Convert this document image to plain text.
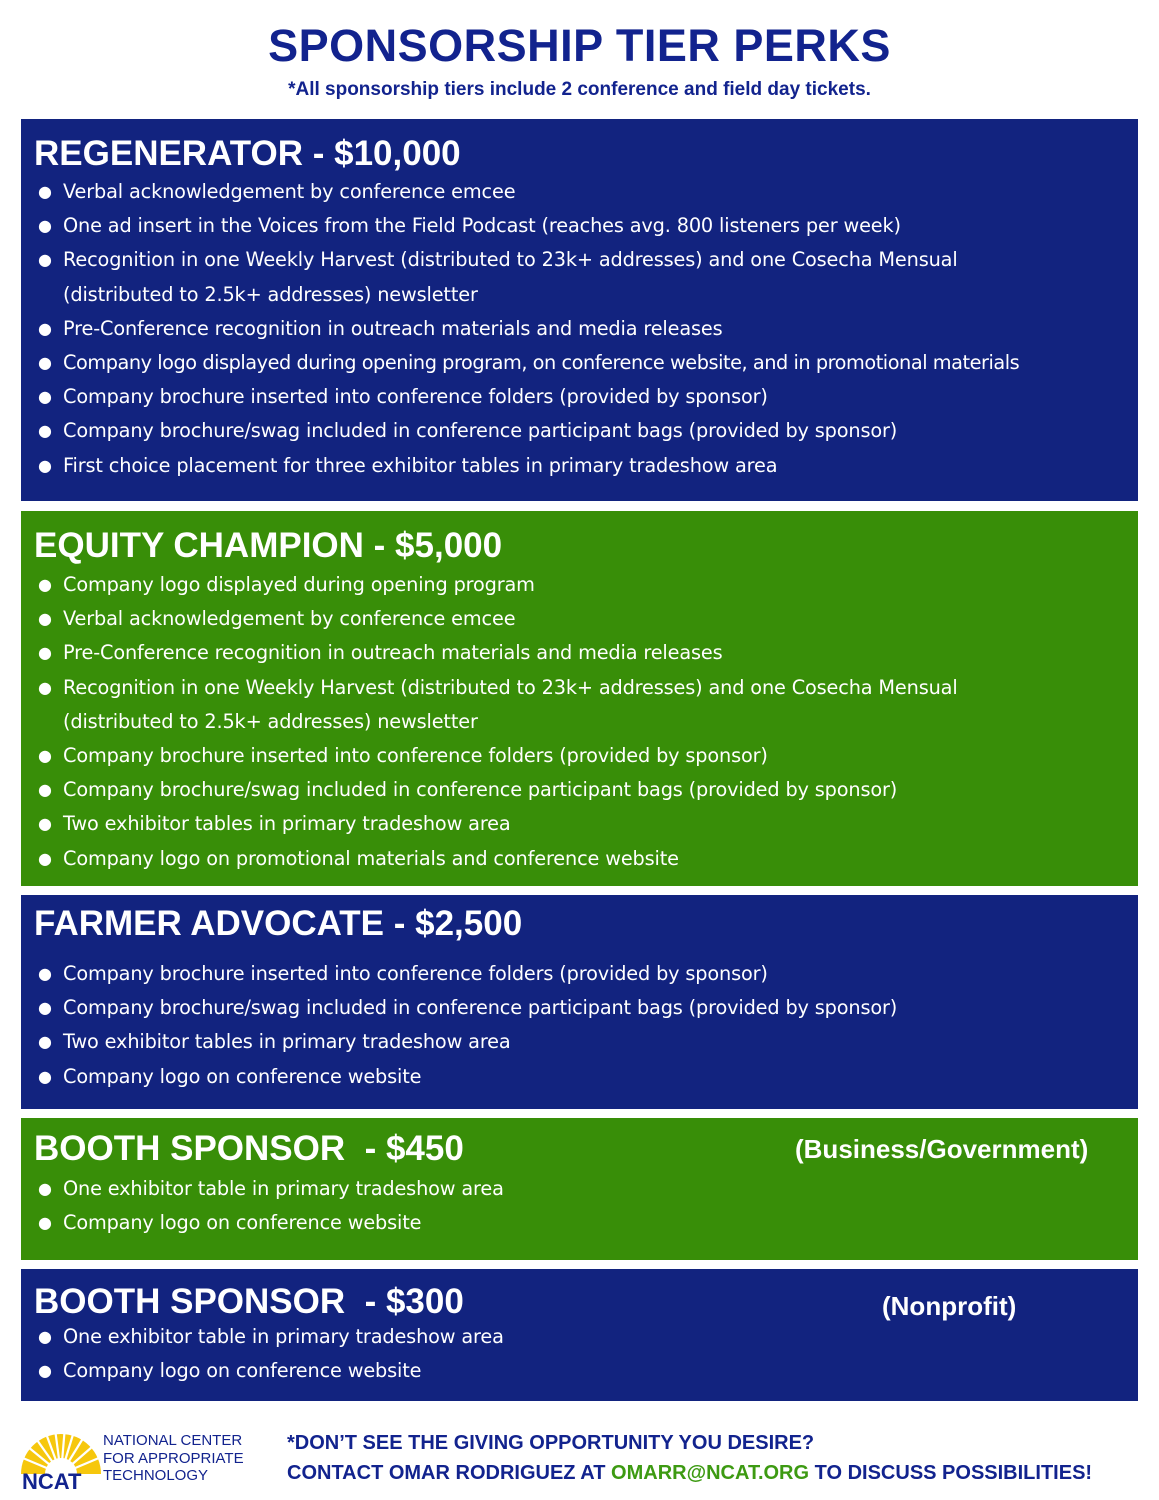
SPONSORSHIP TIER PERKS
*All sponsorship tiers include 2 conference and field day tickets.
REGENERATOR - $10,000
● Verbal acknowledgement by conference emcee
● One ad insert in the Voices from the Field Podcast (reaches avg. 800 listeners per week)
● Recognition in one Weekly Harvest (distributed to 23k+ addresses) and one Cosecha Mensual
(distributed to 2.5k+ addresses) newsletter
● Pre-Conference recognition in outreach materials and media releases
● Company logo displayed during opening program, on conference website, and in promotional materials
● Company brochure inserted into conference folders (provided by sponsor)
● Company brochure/swag included in conference participant bags (provided by sponsor)
● First choice placement for three exhibitor tables in primary tradeshow area
EQUITY CHAMPION - $5,000
● Company logo displayed during opening program
● Verbal acknowledgement by conference emcee
● Pre-Conference recognition in outreach materials and media releases
● Recognition in one Weekly Harvest (distributed to 23k+ addresses) and one Cosecha Mensual
(distributed to 2.5k+ addresses) newsletter
● Company brochure inserted into conference folders (provided by sponsor)
● Company brochure/swag included in conference participant bags (provided by sponsor)
● Two exhibitor tables in primary tradeshow area
● Company logo on promotional materials and conference website
FARMER ADVOCATE - $2,500
● Company brochure inserted into conference folders (provided by sponsor)
● Company brochure/swag included in conference participant bags (provided by sponsor)
● Two exhibitor tables in primary tradeshow area
● Company logo on conference website
BOOTH SPONSOR  - $450	(Business/Government)
● One exhibitor table in primary tradeshow area
● Company logo on conference website
BOOTH SPONSOR  - $300	(Nonprofit)
● One exhibitor table in primary tradeshow area
● Company logo on conference website
NCAT
NATIONAL CENTER
FOR APPROPRIATE
TECHNOLOGY
*DON’T SEE THE GIVING OPPORTUNITY YOU DESIRE?
CONTACT OMAR RODRIGUEZ AT OMARR@NCAT.ORG TO DISCUSS POSSIBILITIES!
